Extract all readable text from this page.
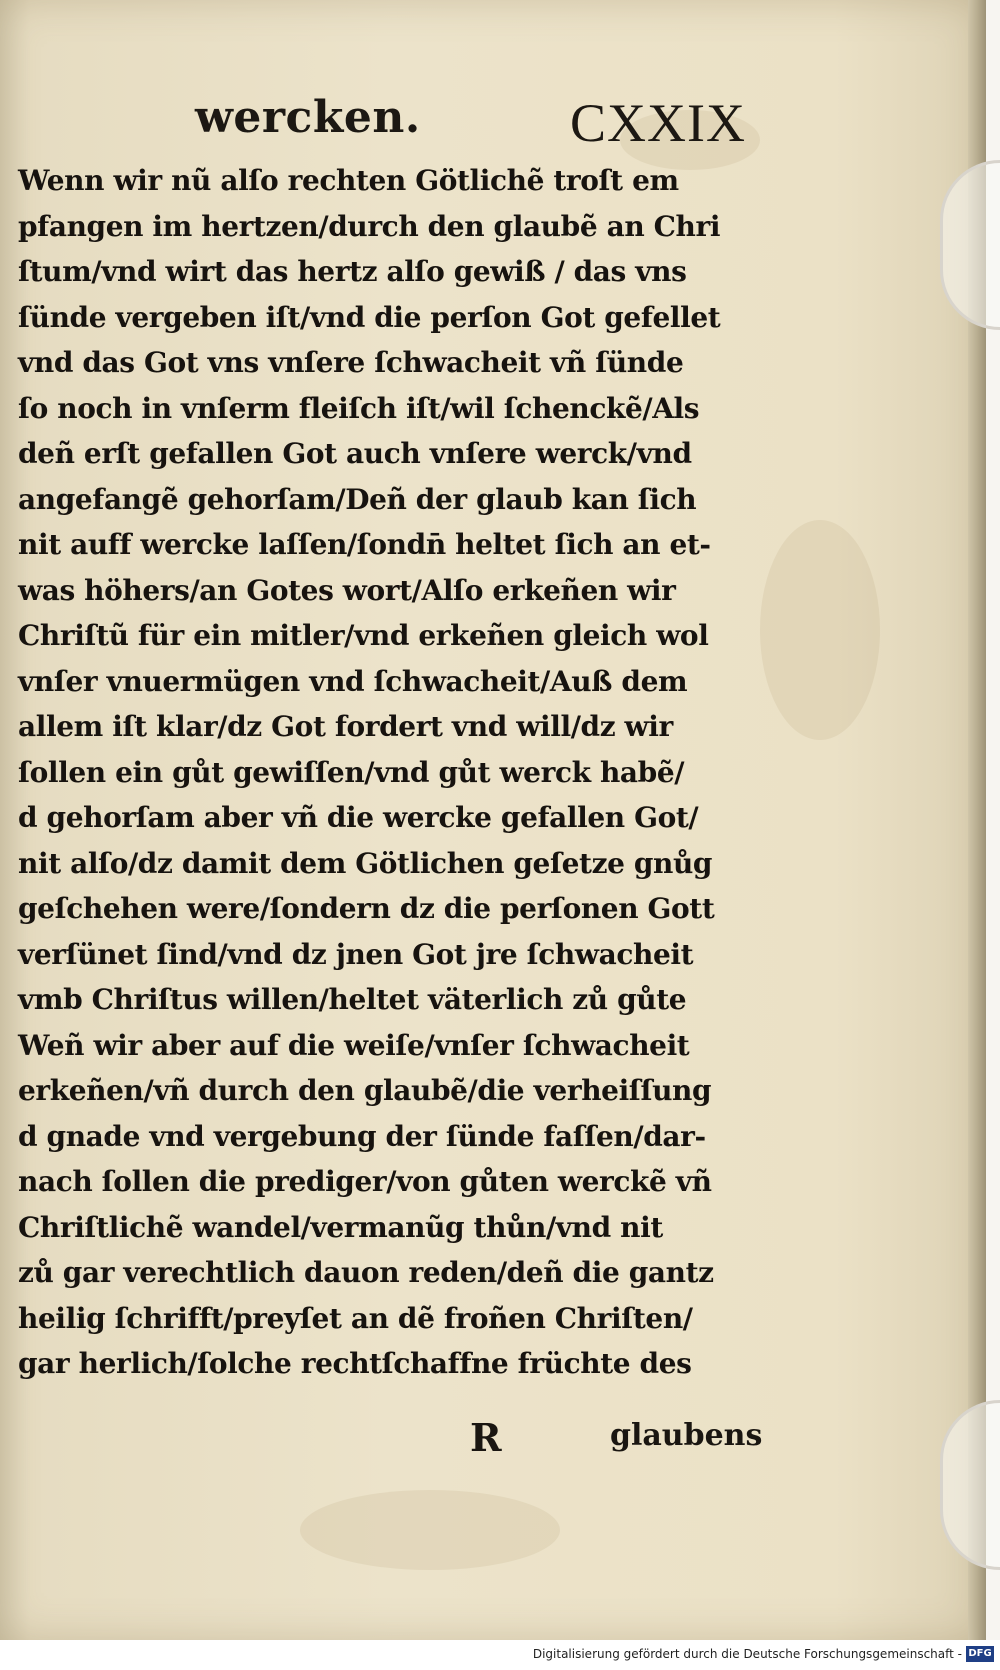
wercken.	CXXIX
Wenn wir nũ alſo rechten Götlichẽ troſt em
pfangen im hertzen/durch den glaubẽ an Chri
ſtum/vnd wirt das hertz alſo gewiß / das vns
ſünde vergeben iſt/vnd die perſon Got gefellet
vnd das Got vns vnſere ſchwacheit vñ ſünde
ſo noch in vnſerm fleiſch iſt/wil ſchenckẽ/Als
deñ erſt gefallen Got auch vnſere werck/vnd
angefangẽ gehorſam/Deñ der glaub kan ſich
nit auff wercke laſſen/ſondn̄ heltet ſich an et-
was höhers/an Gotes wort/Alſo erkeñen wir
Chriſtũ für ein mitler/vnd erkeñen gleich wol
vnſer vnuermügen vnd ſchwacheit/Auß dem
allem iſt klar/dz Got fordert vnd will/dz wir
ſollen ein gůt gewiſſen/vnd gůt werck habẽ/
d gehorſam aber vñ die wercke gefallen Got/
nit alſo/dz damit dem Götlichen geſetze gnůg
geſchehen were/ſondern dz die perſonen Gott
verſünet ſind/vnd dz jnen Got jre ſchwacheit
vmb Chriſtus willen/heltet väterlich zů gůte
Weñ wir aber auf die weiſe/vnſer ſchwacheit
erkeñen/vñ durch den glaubẽ/die verheiſſung
d gnade vnd vergebung der ſünde faſſen/dar-
nach ſollen die prediger/von gůten werckẽ vñ
Chriſtlichẽ wandel/vermanũg thůn/vnd nit
zů gar verechtlich dauon reden/deñ die gantz
heilig ſchrifft/preyſet an dẽ froñen Chriſten/
gar herlich/ſolche rechtſchaffne früchte des
R	glaubens
Digitalisierung gefördert durch die Deutsche Forschungsgemeinschaft - DFG
